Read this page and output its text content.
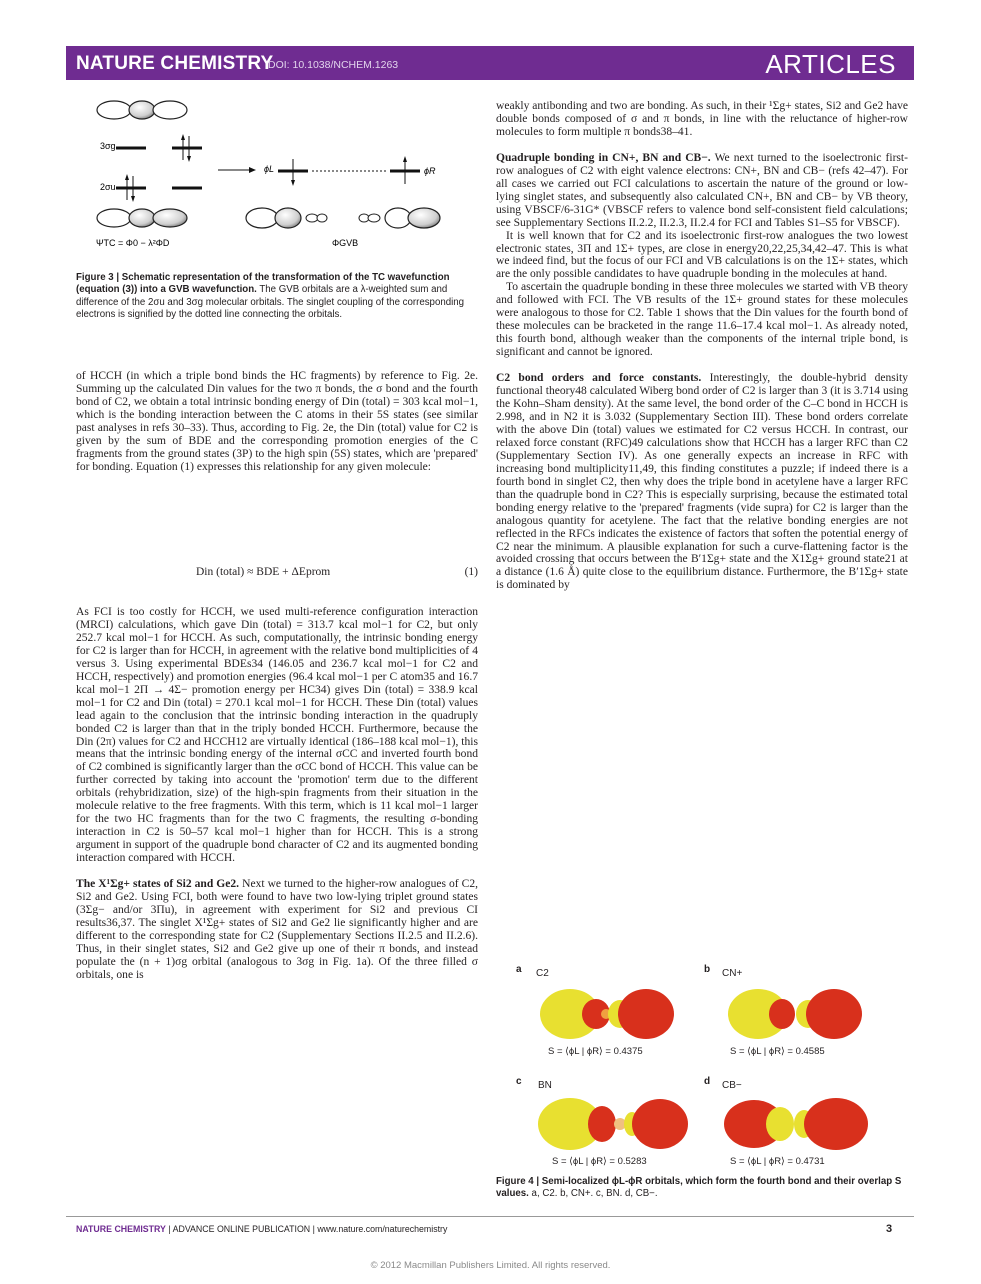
NATURE CHEMISTRY
DOI: 10.1038/NCHEM.1263	ARTICLES
3σg
2σu
ϕL	ϕR
ΨTC = Φ0 − λ²ΦD	ΦGVB
Figure 3 | Schematic representation of the transformation of the TC wavefunction (equation (3)) into a GVB wavefunction. The GVB orbitals are a λ-weighted sum and difference of the 2σu and 3σg molecular orbitals. The singlet coupling of the corresponding electrons is signified by the dotted line connecting the orbitals.

of HCCH (in which a triple bond binds the HC fragments) by reference to Fig. 2e. Summing up the calculated Din values for the two π bonds, the σ bond and the fourth bond of C2, we obtain a total intrinsic bonding energy of Din (total) = 303 kcal mol−1, which is the bonding interaction between the C atoms in their 5S states (see similar past analyses in refs 30–33). Thus, according to Fig. 2e, the Din (total) value for C2 is given by the sum of BDE and the corresponding promotion energies of the C fragments from the ground states (3P) to the high spin (5S) states, which are 'prepared' for bonding. Equation (1) expresses this relationship for any given molecule:

Din (total) ≈ BDE + ΔEprom	(1)

As FCI is too costly for HCCH, we used multi-reference configuration interaction (MRCI) calculations, which gave Din (total) = 313.7 kcal mol−1 for C2, but only 252.7 kcal mol−1 for HCCH. As such, computationally, the intrinsic bonding energy for C2 is larger than for HCCH, in agreement with the relative bond multiplicities of 4 versus 3. Using experimental BDEs34 (146.05 and 236.7 kcal mol−1 for C2 and HCCH, respectively) and promotion energies (96.4 kcal mol−1 per C atom35 and 16.7 kcal mol−1 2Π → 4Σ− promotion energy per HC34) gives Din (total) = 338.9 kcal mol−1 for C2 and Din (total) = 270.1 kcal mol−1 for HCCH. These Din (total) values lead again to the conclusion that the intrinsic bonding interaction in the quadruply bonded C2 is larger than that in the triply bonded HCCH. Furthermore, because the Din (2π) values for C2 and HCCH12 are virtually identical (186–188 kcal mol−1), this means that the intrinsic bonding energy of the internal σCC and inverted fourth bond of C2 combined is significantly larger than the σCC bond of HCCH. This value can be further corrected by taking into account the 'promotion' term due to the different orbitals (rehybridization, size) of the high-spin fragments from their situation in the molecule relative to the free fragments. With this term, which is 11 kcal mol−1 larger for the two HC fragments than for the two C fragments, the resulting σ-bonding interaction in C2 is 50–57 kcal mol−1 higher than for HCCH. This is a strong argument in support of the quadruple bond character of C2 and its augmented bonding interaction compared with HCCH.

The X¹Σg+ states of Si2 and Ge2. Next we turned to the higher-row analogues of C2, Si2 and Ge2. Using FCI, both were found to have two low-lying triplet ground states (3Σg− and/or 3Πu), in agreement with experiment for Si2 and previous CI results36,37. The singlet X¹Σg+ states of Si2 and Ge2 lie significantly higher and are different to the corresponding state for C2 (Supplementary Sections II.2.5 and II.2.6). Thus, in their singlet states, Si2 and Ge2 give up one of their π bonds, and instead populate the (n + 1)σg orbital (analogous to 3σg in Fig. 1a). Of the three filled σ orbitals, one is

weakly antibonding and two are bonding. As such, in their ¹Σg+ states, Si2 and Ge2 have double bonds composed of σ and π bonds, in line with the reluctance of higher-row molecules to form multiple π bonds38–41.

Quadruple bonding in CN+, BN and CB−. We next turned to the isoelectronic first-row analogues of C2 with eight valence electrons: CN+, BN and CB− (refs 42–47). For all cases we carried out FCI calculations to ascertain the nature of the ground or low-lying singlet states, and subsequently also calculated CN+, BN and CB− by VB theory, using VBSCF/6-31G* (VBSCF refers to valence bond self-consistent field calculations; see Supplementary Sections II.2.2, II.2.3, II.2.4 for FCI and Tables S1–S5 for VBSCF).

It is well known that for C2 and its isoelectronic first-row analogues the two lowest electronic states, 3Π and 1Σ+ types, are close in energy20,22,25,34,42–47. This is what we indeed find, but the focus of our FCI and VB calculations is on the 1Σ+ states, which are the only possible candidates to have quadruple bonding in the molecules at hand.

To ascertain the quadruple bonding in these three molecules we started with VB theory and followed with FCI. The VB results of the 1Σ+ ground states for these molecules were analogous to those for C2. Table 1 shows that the Din values for the fourth bond of these molecules can be bracketed in the range 11.6–17.4 kcal mol−1. As already noted, this fourth bond, although weaker than the components of the internal triple bond, is significant and cannot be ignored.

C2 bond orders and force constants. Interestingly, the double-hybrid density functional theory48 calculated Wiberg bond order of C2 is larger than 3 (it is 3.714 using the Kohn–Sham density). At the same level, the bond order of the C–C bond in HCCH is 2.998, and in N2 it is 3.032 (Supplementary Section III). These bond orders correlate with the above Din (total) values we estimated for C2 versus HCCH. In contrast, our relaxed force constant (RFC)49 calculations show that HCCH has a larger RFC than C2 (Supplementary Section IV). As one generally expects an increase in RFC with increasing bond multiplicity11,49, this finding constitutes a puzzle; if indeed there is a fourth bond in singlet C2, then why does the triple bond in acetylene have a larger RFC than the quadruple bond in C2? This is especially surprising, because the estimated total bonding energy relative to the 'prepared' fragments (vide supra) for C2 is larger than the analogous quantity for acetylene. The fact that the relative bonding energies are not reflected in the RFCs indicates the existence of factors that soften the potential energy of C2 near the minimum. A plausible explanation for such a curve-flattening factor is the avoided crossing that occurs between the B′1Σg+ state and the X1Σg+ ground state21 at a distance (1.6 Å) quite close to the equilibrium distance. Furthermore, the B′1Σg+ state is dominated by

a C2
S = ⟨ϕL | ϕR⟩ = 0.4375
b CN+
S = ⟨ϕL | ϕR⟩ = 0.4585
c BN
S = ⟨ϕL | ϕR⟩ = 0.5283
d CB−
S = ⟨ϕL | ϕR⟩ = 0.4731
Figure 4 | Semi-localized ϕL-ϕR orbitals, which form the fourth bond and their overlap S values. a, C2. b, CN+. c, BN. d, CB−.
NATURE CHEMISTRY | ADVANCE ONLINE PUBLICATION | www.nature.com/naturechemistry	3
© 2012 Macmillan Publishers Limited. All rights reserved.
